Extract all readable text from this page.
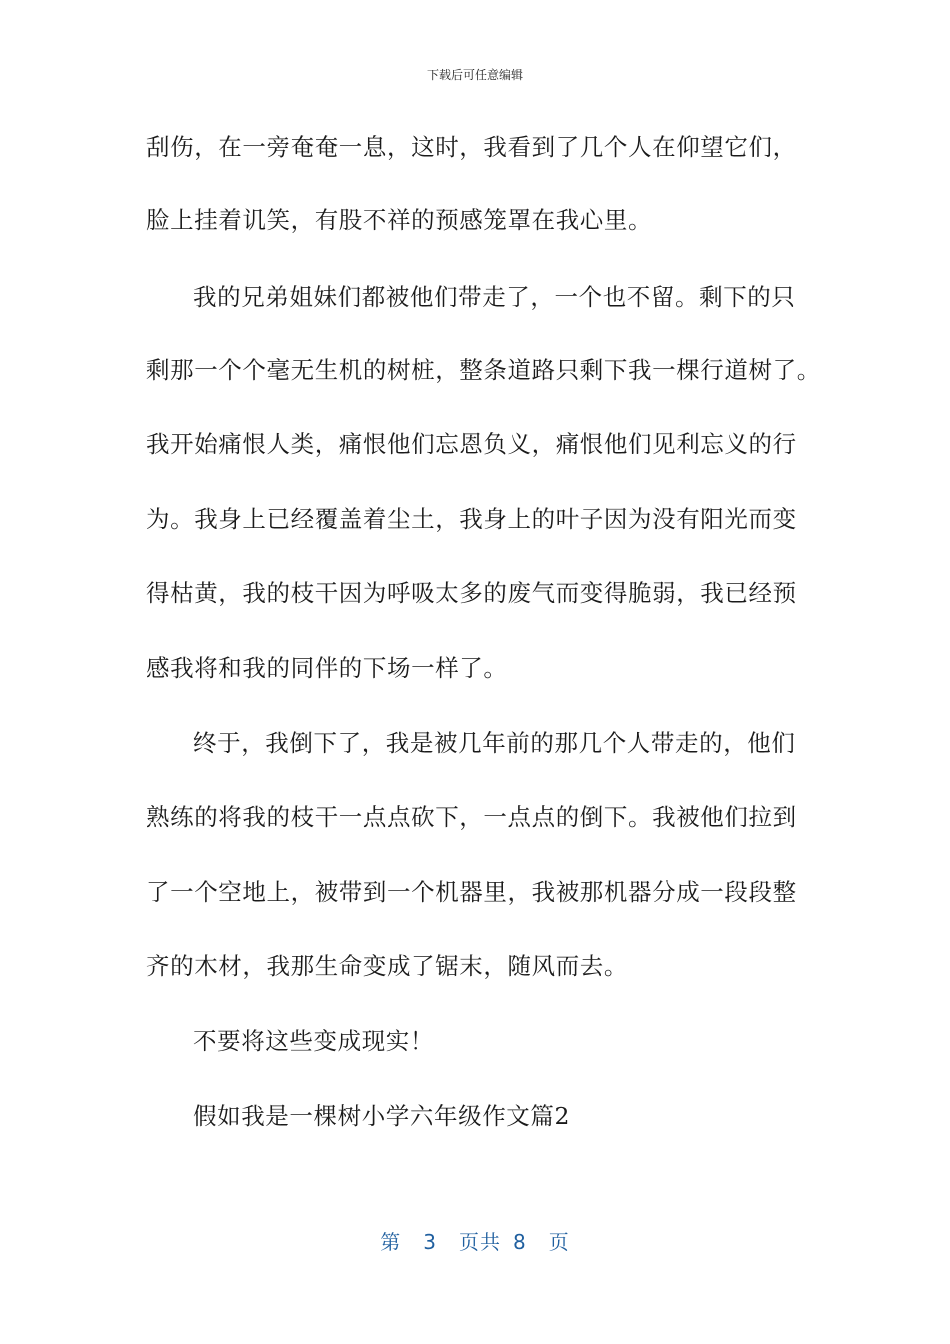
下载后可任意编辑
刮伤，在一旁奄奄一息，这时，我看到了几个人在仰望它们，
脸上挂着讥笑，有股不祥的预感笼罩在我心里。
我的兄弟姐妹们都被他们带走了，一个也不留。剩下的只
剩那一个个毫无生机的树桩，整条道路只剩下我一棵行道树了。
我开始痛恨人类，痛恨他们忘恩负义，痛恨他们见利忘义的行
为。我身上已经覆盖着尘土，我身上的叶子因为没有阳光而变
得枯黄，我的枝干因为呼吸太多的废气而变得脆弱，我已经预
感我将和我的同伴的下场一样了。
终于，我倒下了，我是被几年前的那几个人带走的，他们
熟练的将我的枝干一点点砍下，一点点的倒下。我被他们拉到
了一个空地上，被带到一个机器里，我被那机器分成一段段整
齐的木材，我那生命变成了锯末，随风而去。
不要将这些变成现实！
假如我是一棵树小学六年级作文篇2
第 3 页共 8 页
